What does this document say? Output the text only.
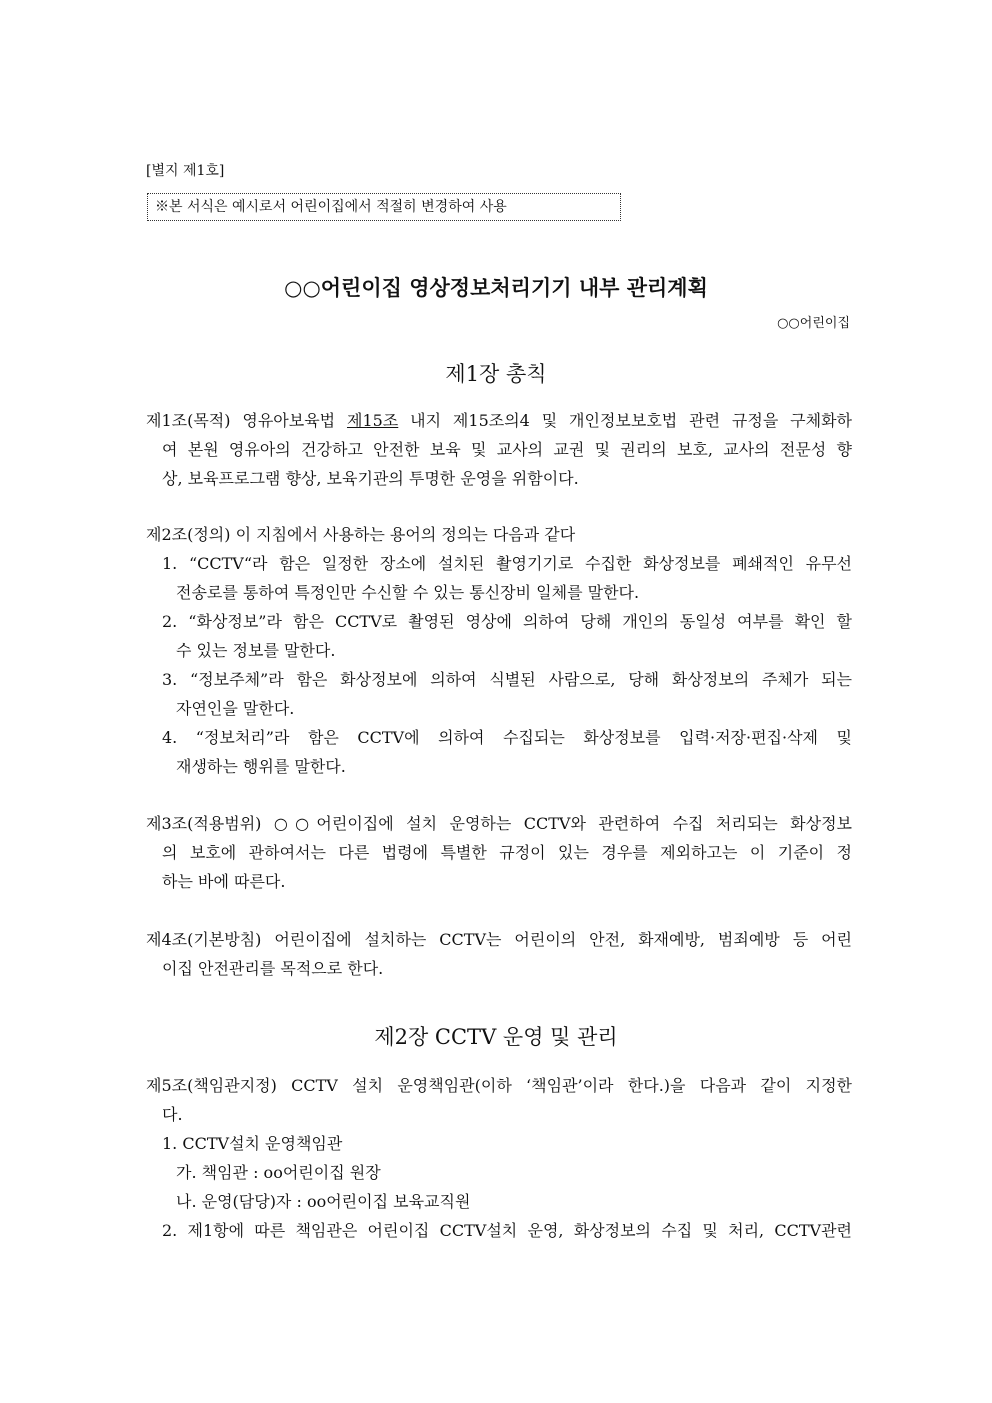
[별지 제1호]
※본 서식은 예시로서 어린이집에서 적절히 변경하여 사용
○○어린이집 영상정보처리기기 내부 관리계획
○○어린이집
제1장 총칙
제1조(목적) 영유아보육법 제15조 내지 제15조의4 및 개인정보보호법 관련 규정을 구체화하
여 본원 영유아의 건강하고 안전한 보육 및 교사의 교권 및 권리의 보호, 교사의 전문성 향
상, 보육프로그램 향상, 보육기관의 투명한 운영을 위함이다.
제2조(정의) 이 지침에서 사용하는 용어의 정의는 다음과 같다
1. “CCTV“라 함은 일정한 장소에 설치된 촬영기기로 수집한 화상정보를 폐쇄적인 유무선
전송로를 통하여 특정인만 수신할 수 있는 통신장비 일체를 말한다.
2. “화상정보”라 함은 CCTV로 촬영된 영상에 의하여 당해 개인의 동일성 여부를 확인 할
수 있는 정보를 말한다.
3. “정보주체”라 함은 화상정보에 의하여 식별된 사람으로, 당해 화상정보의 주체가 되는
자연인을 말한다.
4. “정보처리”라 함은 CCTV에 의하여 수집되는 화상정보를 입력·저장·편집·삭제 및
재생하는 행위를 말한다.
제3조(적용범위) ○○어린이집에 설치 운영하는 CCTV와 관련하여 수집 처리되는 화상정보
의 보호에 관하여서는 다른 법령에 특별한 규정이 있는 경우를 제외하고는 이 기준이 정
하는 바에 따른다.
제4조(기본방침) 어린이집에 설치하는 CCTV는 어린이의 안전, 화재예방, 범죄예방 등 어린
이집 안전관리를 목적으로 한다.
제2장 CCTV 운영 및 관리
제5조(책임관지정) CCTV 설치 운영책임관(이하 ‘책임관’이라 한다.)을 다음과 같이 지정한
다.
1. CCTV설치 운영책임관
가. 책임관 : oo어린이집 원장
나. 운영(담당)자 : oo어린이집 보육교직원
2. 제1항에 따른 책임관은 어린이집 CCTV설치 운영, 화상정보의 수집 및 처리, CCTV관련
